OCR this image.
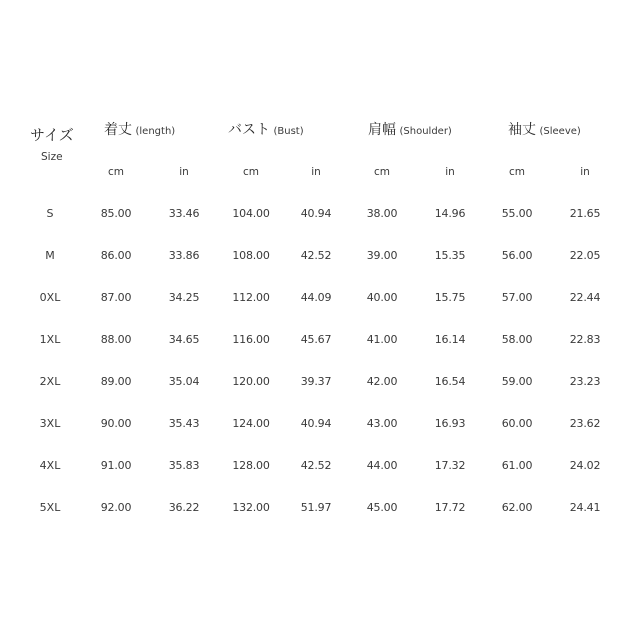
サイズ
Size
着丈 (length)	バスト (Bust)	肩幅 (Shoulder)	袖丈 (Sleeve)
cm	in	cm	in	cm	in	cm	in
S	85.00	33.46	104.00	40.94	38.00	14.96	55.00	21.65
M	86.00	33.86	108.00	42.52	39.00	15.35	56.00	22.05
0XL	87.00	34.25	112.00	44.09	40.00	15.75	57.00	22.44
1XL	88.00	34.65	116.00	45.67	41.00	16.14	58.00	22.83
2XL	89.00	35.04	120.00	39.37	42.00	16.54	59.00	23.23
3XL	90.00	35.43	124.00	40.94	43.00	16.93	60.00	23.62
4XL	91.00	35.83	128.00	42.52	44.00	17.32	61.00	24.02
5XL	92.00	36.22	132.00	51.97	45.00	17.72	62.00	24.41
